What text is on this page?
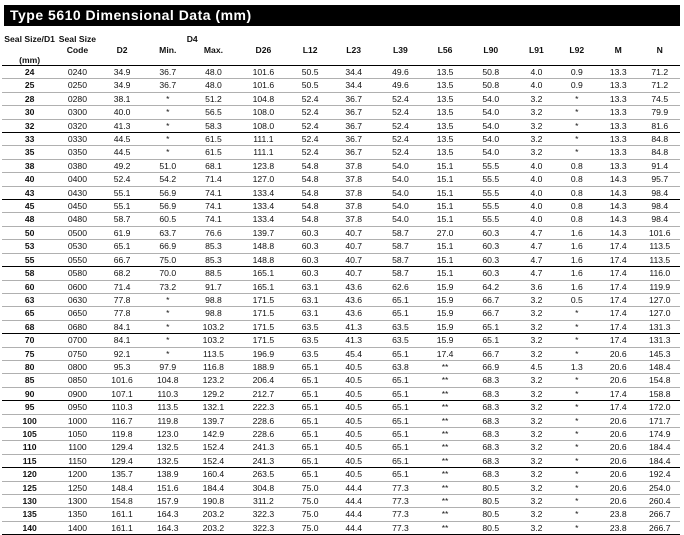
Type 5610 Dimensional Data (mm)
Seal Size/D1	Seal Size		D4											
	Code	D2	Min.	Max.	D26	L12	L23	L39	L56	L90	L91	L92	M	N
(mm)														
24	0240	34.9	36.7	48.0	101.6	50.5	34.4	49.6	13.5	50.8	4.0	0.9	13.3	71.2
25	0250	34.9	36.7	48.0	101.6	50.5	34.4	49.6	13.5	50.8	4.0	0.9	13.3	71.2
28	0280	38.1	*	51.2	104.8	52.4	36.7	52.4	13.5	54.0	3.2	*	13.3	74.5
30	0300	40.0	*	56.5	108.0	52.4	36.7	52.4	13.5	54.0	3.2	*	13.3	79.9
32	0320	41.3	*	58.3	108.0	52.4	36.7	52.4	13.5	54.0	3.2	*	13.3	81.6
33	0330	44.5	*	61.5	111.1	52.4	36.7	52.4	13.5	54.0	3.2	*	13.3	84.8
35	0350	44.5	*	61.5	111.1	52.4	36.7	52.4	13.5	54.0	3.2	*	13.3	84.8
38	0380	49.2	51.0	68.1	123.8	54.8	37.8	54.0	15.1	55.5	4.0	0.8	13.3	91.4
40	0400	52.4	54.2	71.4	127.0	54.8	37.8	54.0	15.1	55.5	4.0	0.8	14.3	95.7
43	0430	55.1	56.9	74.1	133.4	54.8	37.8	54.0	15.1	55.5	4.0	0.8	14.3	98.4
45	0450	55.1	56.9	74.1	133.4	54.8	37.8	54.0	15.1	55.5	4.0	0.8	14.3	98.4
48	0480	58.7	60.5	74.1	133.4	54.8	37.8	54.0	15.1	55.5	4.0	0.8	14.3	98.4
50	0500	61.9	63.7	76.6	139.7	60.3	40.7	58.7	27.0	60.3	4.7	1.6	14.3	101.6
53	0530	65.1	66.9	85.3	148.8	60.3	40.7	58.7	15.1	60.3	4.7	1.6	17.4	113.5
55	0550	66.7	75.0	85.3	148.8	60.3	40.7	58.7	15.1	60.3	4.7	1.6	17.4	113.5
58	0580	68.2	70.0	88.5	165.1	60.3	40.7	58.7	15.1	60.3	4.7	1.6	17.4	116.0
60	0600	71.4	73.2	91.7	165.1	63.1	43.6	62.6	15.9	64.2	3.6	1.6	17.4	119.9
63	0630	77.8	*	98.8	171.5	63.1	43.6	65.1	15.9	66.7	3.2	0.5	17.4	127.0
65	0650	77.8	*	98.8	171.5	63.1	43.6	65.1	15.9	66.7	3.2	*	17.4	127.0
68	0680	84.1	*	103.2	171.5	63.5	41.3	63.5	15.9	65.1	3.2	*	17.4	131.3
70	0700	84.1	*	103.2	171.5	63.5	41.3	63.5	15.9	65.1	3.2	*	17.4	131.3
75	0750	92.1	*	113.5	196.9	63.5	45.4	65.1	17.4	66.7	3.2	*	20.6	145.3
80	0800	95.3	97.9	116.8	188.9	65.1	40.5	63.8	**	66.9	4.5	1.3	20.6	148.4
85	0850	101.6	104.8	123.2	206.4	65.1	40.5	65.1	**	68.3	3.2	*	20.6	154.8
90	0900	107.1	110.3	129.2	212.7	65.1	40.5	65.1	**	68.3	3.2	*	17.4	158.8
95	0950	110.3	113.5	132.1	222.3	65.1	40.5	65.1	**	68.3	3.2	*	17.4	172.0
100	1000	116.7	119.8	139.7	228.6	65.1	40.5	65.1	**	68.3	3.2	*	20.6	171.7
105	1050	119.8	123.0	142.9	228.6	65.1	40.5	65.1	**	68.3	3.2	*	20.6	174.9
110	1100	129.4	132.5	152.4	241.3	65.1	40.5	65.1	**	68.3	3.2	*	20.6	184.4
115	1150	129.4	132.5	152.4	241.3	65.1	40.5	65.1	**	68.3	3.2	*	20.6	184.4
120	1200	135.7	138.9	160.4	263.5	65.1	40.5	65.1	**	68.3	3.2	*	20.6	192.4
125	1250	148.4	151.6	184.4	304.8	75.0	44.4	77.3	**	80.5	3.2	*	20.6	254.0
130	1300	154.8	157.9	190.8	311.2	75.0	44.4	77.3	**	80.5	3.2	*	20.6	260.4
135	1350	161.1	164.3	203.2	322.3	75.0	44.4	77.3	**	80.5	3.2	*	23.8	266.7
140	1400	161.1	164.3	203.2	322.3	75.0	44.4	77.3	**	80.5	3.2	*	23.8	266.7
